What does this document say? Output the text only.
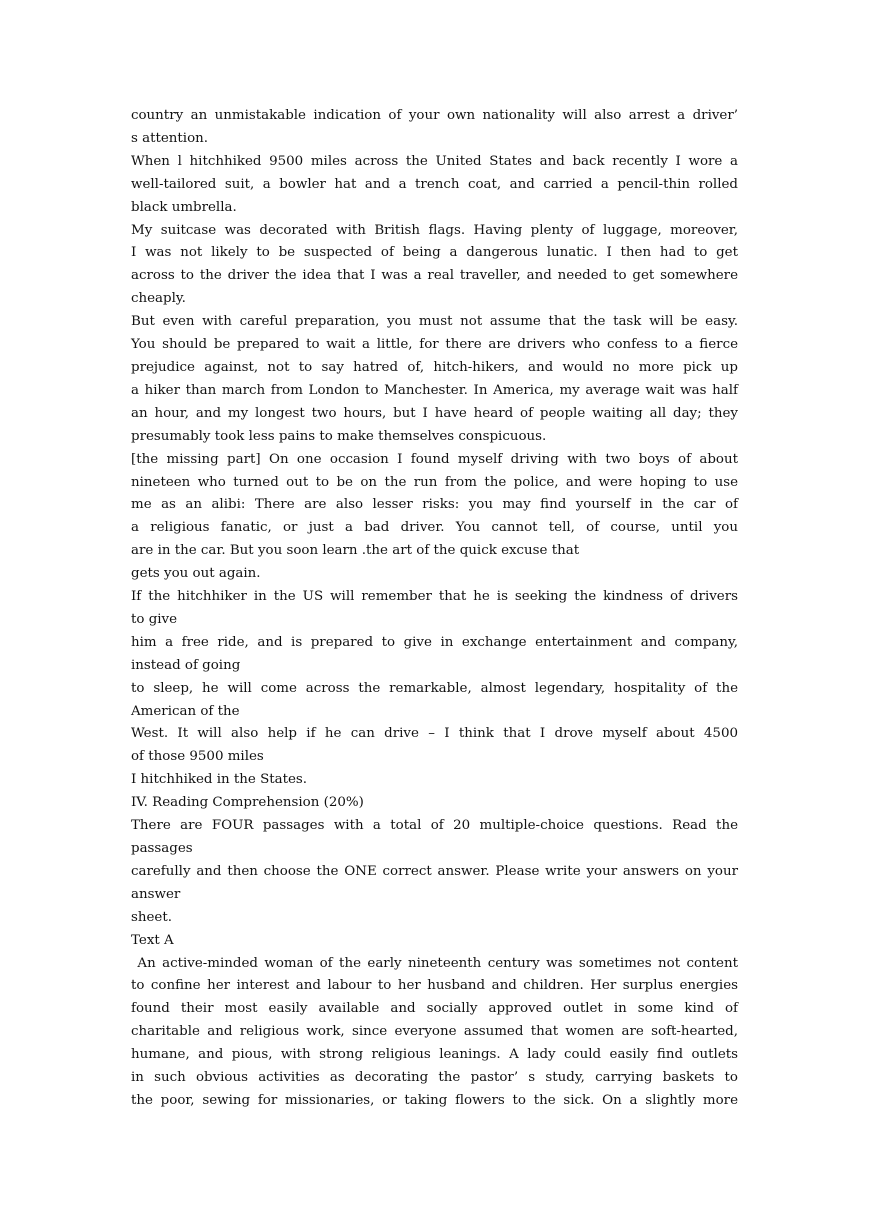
country an unmistakable indication of your own nationality will also arrest a driver’
s attention.
When l hitchhiked 9500 miles across the United States and back recently I wore a
well-tailored suit, a bowler hat and a trench coat, and carried a pencil-thin rolled
black umbrella.
My suitcase was decorated with British flags. Having plenty of luggage, moreover,
I was not likely to be suspected of being a dangerous lunatic. I then had to get
across to the driver the idea that I was a real traveller, and needed to get somewhere
cheaply.
But even with careful preparation, you must not assume that the task will be easy.
You should be prepared to wait a little, for there are drivers who confess to a fierce
prejudice against, not to say hatred of, hitch-hikers, and would no more pick up
a hiker than march from London to Manchester. In America, my average wait was half
an hour, and my longest two hours, but I have heard of people waiting all day; they
presumably took less pains to make themselves conspicuous.
[the missing part] On one occasion I found myself driving with two boys of about
nineteen who turned out to be on the run from the police, and were hoping to use
me as an alibi: There are also lesser risks: you may find yourself in the car of
a religious fanatic, or just a bad driver. You cannot tell, of course, until you
are in the car. But you soon learn .the art of the quick excuse that
gets you out again.
If the hitchhiker in the US will remember that he is seeking the kindness of drivers
to give
him a free ride, and is prepared to give in exchange entertainment and company,
instead of going
to sleep, he will come across the remarkable, almost legendary, hospitality of the
American of the
West. It will also help if he can drive – I think that I drove myself about 4500
of those 9500 miles
I hitchhiked in the States.
IV. Reading Comprehension (20%)
There are FOUR passages with a total of 20 multiple-choice questions. Read the
passages
carefully and then choose the ONE correct answer. Please write your answers on your
answer
sheet.
Text A
An active-minded woman of the early nineteenth century was sometimes not content
to confine her interest and labour to her husband and children. Her surplus energies
found their most easily available and socially approved outlet in some kind of
charitable and religious work, since everyone assumed that women are soft-hearted,
humane, and pious, with strong religious leanings. A lady could easily find outlets
in such obvious activities as decorating the pastor’ s study, carrying baskets to
the poor, sewing for missionaries, or taking flowers to the sick. On a slightly more
